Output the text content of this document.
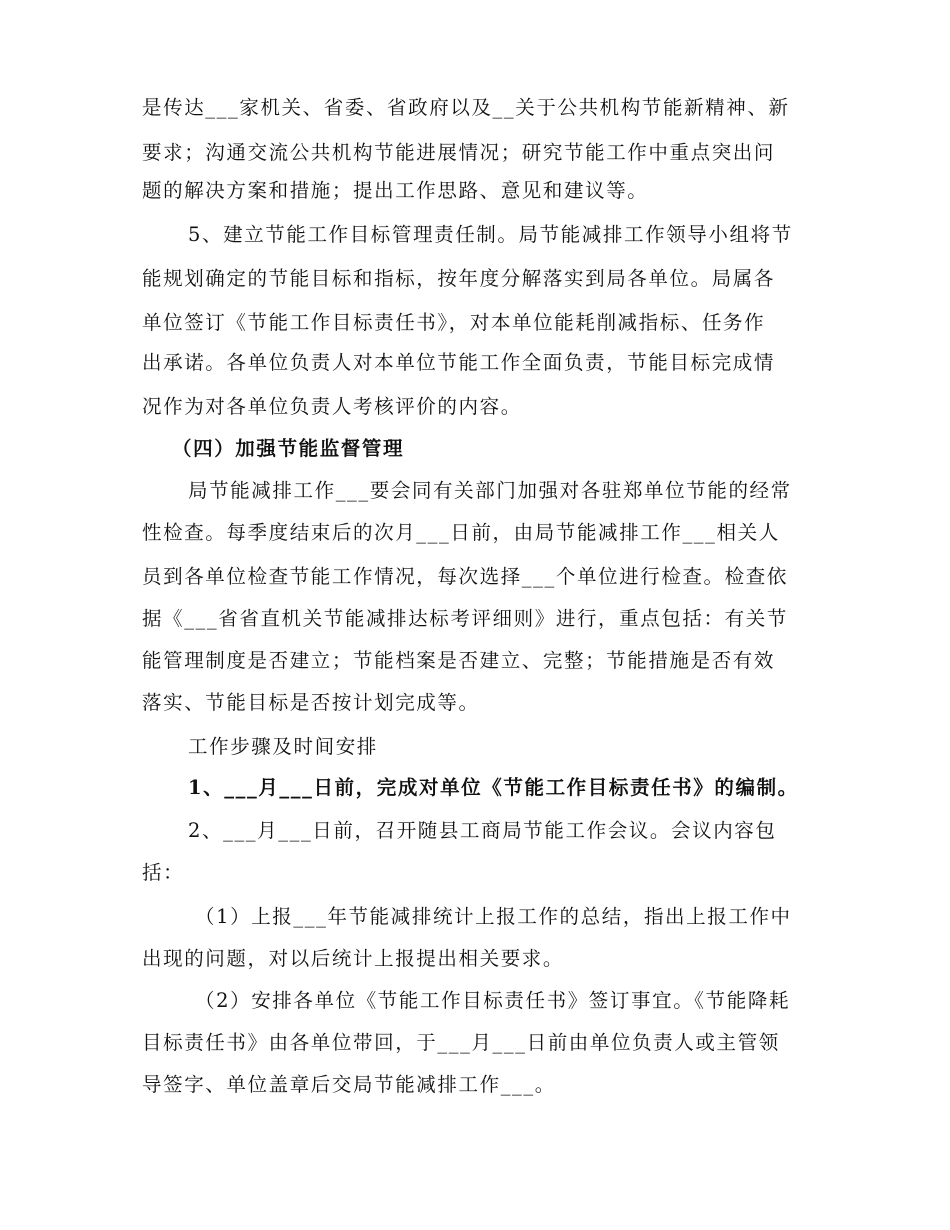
是传达___家机关、省委、省政府以及__关于公共机构节能新精神、新
要求；沟通交流公共机构节能进展情况；研究节能工作中重点突出问
题的解决方案和措施；提出工作思路、意见和建议等。
5、建立节能工作目标管理责任制。局节能减排工作领导小组将节
能规划确定的节能目标和指标，按年度分解落实到局各单位。局属各
单位签订《节能工作目标责任书》，对本单位能耗削减指标、任务作
出承诺。各单位负责人对本单位节能工作全面负责，节能目标完成情
况作为对各单位负责人考核评价的内容。
（四）加强节能监督管理
局节能减排工作___要会同有关部门加强对各驻郑单位节能的经常
性检查。每季度结束后的次月___日前，由局节能减排工作___相关人
员到各单位检查节能工作情况，每次选择___个单位进行检查。检查依
据《___省省直机关节能减排达标考评细则》进行，重点包括：有关节
能管理制度是否建立；节能档案是否建立、完整；节能措施是否有效
落实、节能目标是否按计划完成等。
工作步骤及时间安排
1、___月___日前，完成对单位《节能工作目标责任书》的编制。
2、___月___日前，召开随县工商局节能工作会议。会议内容包
括：
（1）上报___年节能减排统计上报工作的总结，指出上报工作中
出现的问题，对以后统计上报提出相关要求。
（2）安排各单位《节能工作目标责任书》签订事宜。《节能降耗
目标责任书》由各单位带回，于___月___日前由单位负责人或主管领
导签字、单位盖章后交局节能减排工作___。
